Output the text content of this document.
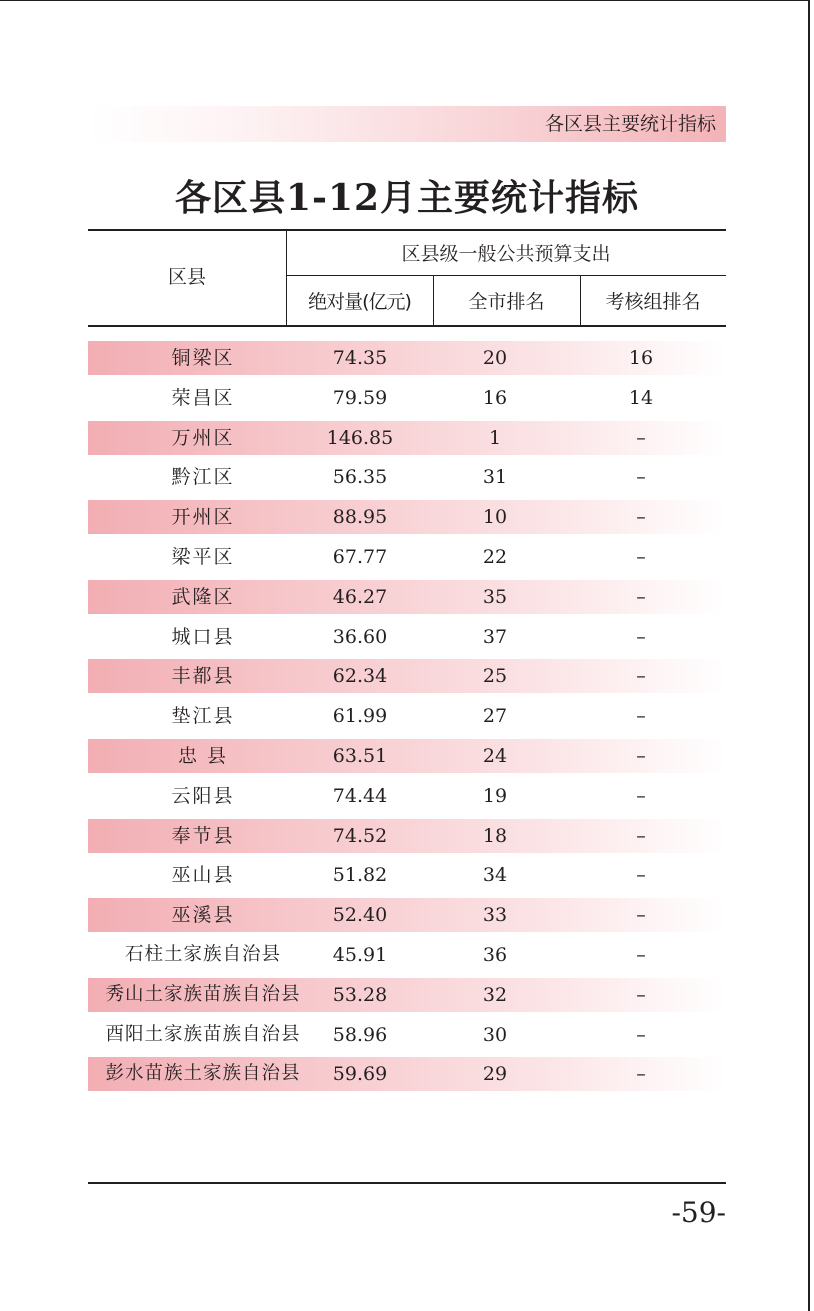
各区县主要统计指标
各区县1-12月主要统计指标
区县
区县级一般公共预算支出
绝对量(亿元)	全市排名	考核组排名
铜梁区	74.35	20	16
荣昌区	79.59	16	14
万州区	146.85	1	–
黔江区	56.35	31	–
开州区	88.95	10	–
梁平区	67.77	22	–
武隆区	46.27	35	–
城口县	36.60	37	–
丰都县	62.34	25	–
垫江县	61.99	27	–
忠 县	63.51	24	–
云阳县	74.44	19	–
奉节县	74.52	18	–
巫山县	51.82	34	–
巫溪县	52.40	33	–
石柱土家族自治县	45.91	36	–
秀山土家族苗族自治县	53.28	32	–
酉阳土家族苗族自治县	58.96	30	–
彭水苗族土家族自治县	59.69	29	–
-59-
